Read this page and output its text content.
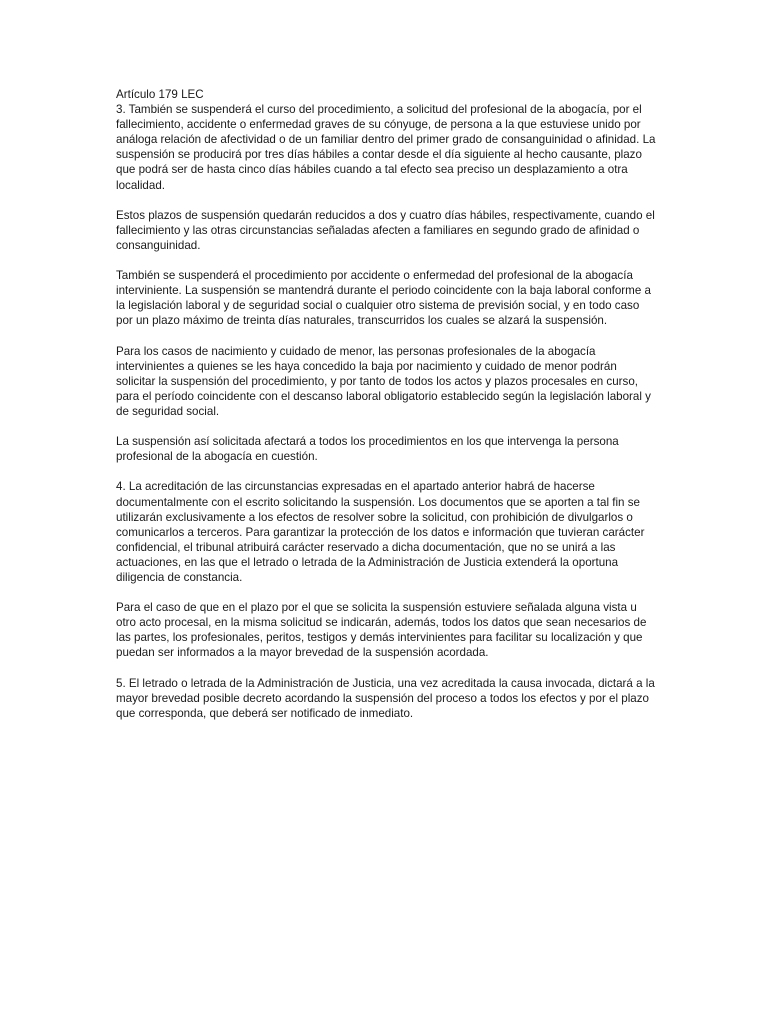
Artículo 179 LEC

3. También se suspenderá el curso del procedimiento, a solicitud del profesional de la abogacía, por el fallecimiento, accidente o enfermedad graves de su cónyuge, de persona a la que estuviese unido por análoga relación de afectividad o de un familiar dentro del primer grado de consanguinidad o afinidad. La suspensión se producirá por tres días hábiles a contar desde el día siguiente al hecho causante, plazo que podrá ser de hasta cinco días hábiles cuando a tal efecto sea preciso un desplazamiento a otra localidad.

Estos plazos de suspensión quedarán reducidos a dos y cuatro días hábiles, respectivamente, cuando el fallecimiento y las otras circunstancias señaladas afecten a familiares en segundo grado de afinidad o consanguinidad.

También se suspenderá el procedimiento por accidente o enfermedad del profesional de la abogacía interviniente. La suspensión se mantendrá durante el periodo coincidente con la baja laboral conforme a la legislación laboral y de seguridad social o cualquier otro sistema de previsión social, y en todo caso por un plazo máximo de treinta días naturales, transcurridos los cuales se alzará la suspensión.

Para los casos de nacimiento y cuidado de menor, las personas profesionales de la abogacía intervinientes a quienes se les haya concedido la baja por nacimiento y cuidado de menor podrán solicitar la suspensión del procedimiento, y por tanto de todos los actos y plazos procesales en curso, para el período coincidente con el descanso laboral obligatorio establecido según la legislación laboral y de seguridad social.

La suspensión así solicitada afectará a todos los procedimientos en los que intervenga la persona profesional de la abogacía en cuestión.

4. La acreditación de las circunstancias expresadas en el apartado anterior habrá de hacerse documentalmente con el escrito solicitando la suspensión. Los documentos que se aporten a tal fin se utilizarán exclusivamente a los efectos de resolver sobre la solicitud, con prohibición de divulgarlos o comunicarlos a terceros. Para garantizar la protección de los datos e información que tuvieran carácter confidencial, el tribunal atribuirá carácter reservado a dicha documentación, que no se unirá a las actuaciones, en las que el letrado o letrada de la Administración de Justicia extenderá la oportuna diligencia de constancia.

Para el caso de que en el plazo por el que se solicita la suspensión estuviere señalada alguna vista u otro acto procesal, en la misma solicitud se indicarán, además, todos los datos que sean necesarios de las partes, los profesionales, peritos, testigos y demás intervinientes para facilitar su localización y que puedan ser informados a la mayor brevedad de la suspensión acordada.

5. El letrado o letrada de la Administración de Justicia, una vez acreditada la causa invocada, dictará a la mayor brevedad posible decreto acordando la suspensión del proceso a todos los efectos y por el plazo que corresponda, que deberá ser notificado de inmediato.
